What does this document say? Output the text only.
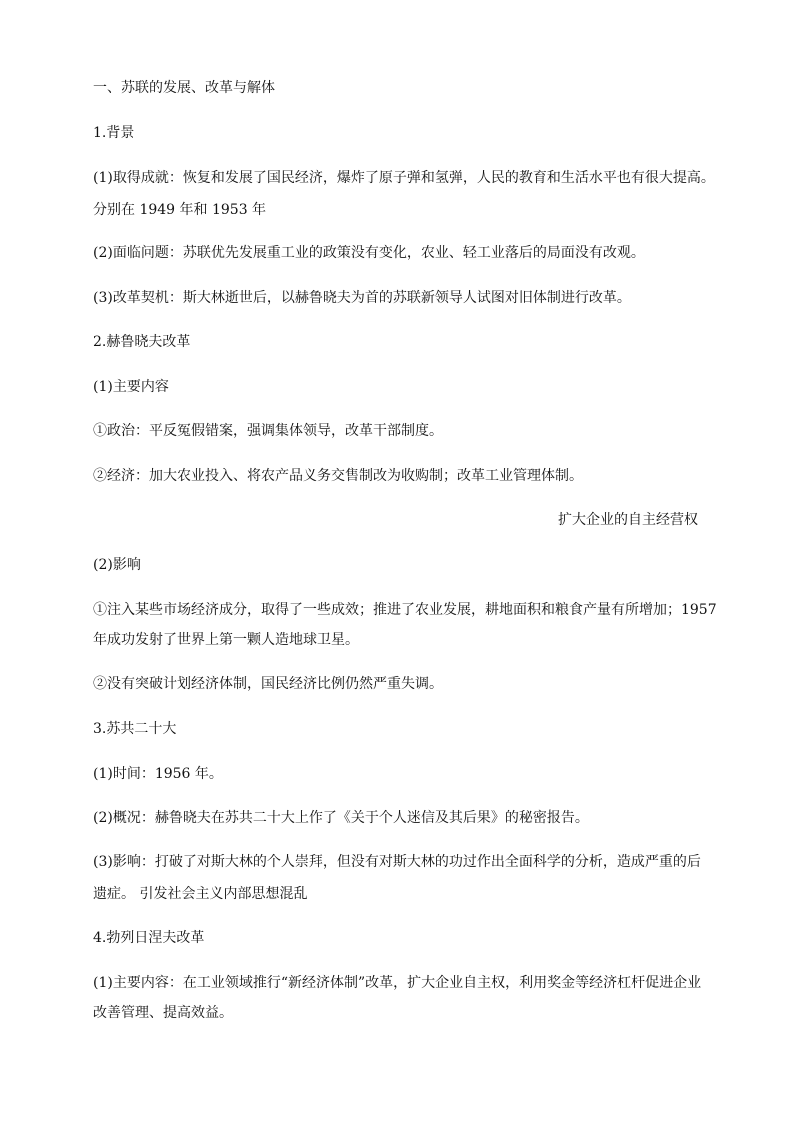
一、苏联的发展、改革与解体
1.背景
(1)取得成就：恢复和发展了国民经济，爆炸了原子弹和氢弹，人民的教育和生活水平也有很大提高。
分别在 1949 年和 1953 年
(2)面临问题：苏联优先发展重工业的政策没有变化，农业、轻工业落后的局面没有改观。
(3)改革契机：斯大林逝世后，以赫鲁晓夫为首的苏联新领导人试图对旧体制进行改革。
2.赫鲁晓夫改革
(1)主要内容
①政治：平反冤假错案，强调集体领导，改革干部制度。
②经济：加大农业投入、将农产品义务交售制改为收购制；改革工业管理体制。
扩大企业的自主经营权
(2)影响
①注入某些市场经济成分，取得了一些成效；推进了农业发展，耕地面积和粮食产量有所增加；1957
年成功发射了世界上第一颗人造地球卫星。
②没有突破计划经济体制，国民经济比例仍然严重失调。
3.苏共二十大
(1)时间：1956 年。
(2)概况：赫鲁晓夫在苏共二十大上作了《关于个人迷信及其后果》的秘密报告。
(3)影响：打破了对斯大林的个人崇拜，但没有对斯大林的功过作出全面科学的分析，造成严重的后
遗症。 引发社会主义内部思想混乱
4.勃列日涅夫改革
(1)主要内容：在工业领域推行“新经济体制”改革，扩大企业自主权，利用奖金等经济杠杆促进企业
改善管理、提高效益。
